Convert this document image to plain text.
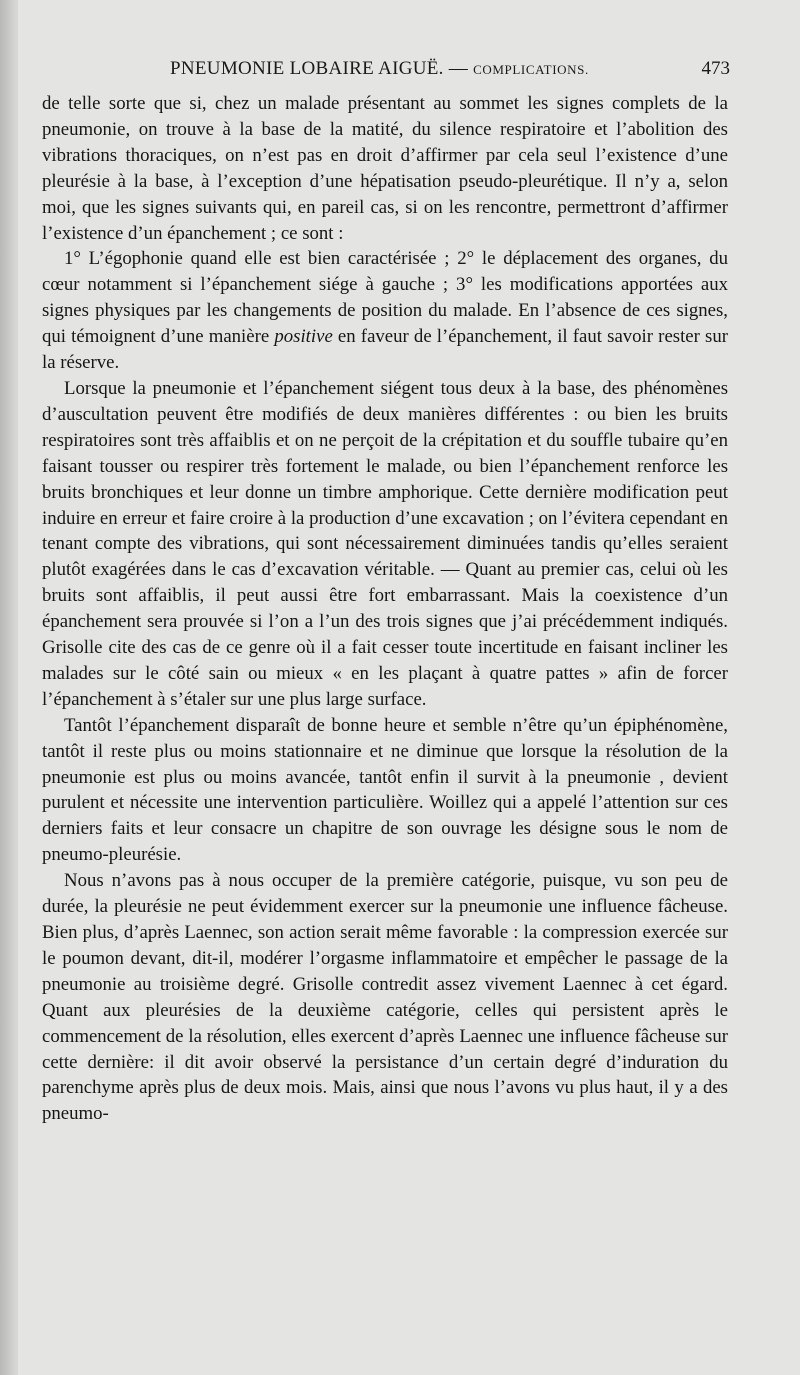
PNEUMONIE LOBAIRE AIGUË. — COMPLICATIONS.	473

de telle sorte que si, chez un malade présentant au sommet les signes complets de la pneumonie, on trouve à la base de la matité, du silence respiratoire et l’abolition des vibrations thoraciques, on n’est pas en droit d’affirmer par cela seul l’existence d’une pleurésie à la base, à l’exception d’une hépatisation pseudo-pleurétique. Il n’y a, selon moi, que les signes suivants qui, en pareil cas, si on les rencontre, permettront d’affirmer l’existence d’un épanchement ; ce sont :

1° L’égophonie quand elle est bien caractérisée ; 2° le déplacement des organes, du cœur notamment si l’épanchement siége à gauche ; 3° les modifications apportées aux signes physiques par les changements de position du malade. En l’absence de ces signes, qui témoignent d’une manière positive en faveur de l’épanchement, il faut savoir rester sur la réserve.

Lorsque la pneumonie et l’épanchement siégent tous deux à la base, des phénomènes d’auscultation peuvent être modifiés de deux manières différentes : ou bien les bruits respiratoires sont très affaiblis et on ne perçoit de la crépitation et du souffle tubaire qu’en faisant tousser ou respirer très fortement le malade, ou bien l’épanchement renforce les bruits bronchiques et leur donne un timbre amphorique. Cette dernière modification peut induire en erreur et faire croire à la production d’une excavation ; on l’évitera cependant en tenant compte des vibrations, qui sont nécessairement diminuées tandis qu’elles seraient plutôt exagérées dans le cas d’excavation véritable. — Quant au premier cas, celui où les bruits sont affaiblis, il peut aussi être fort embarrassant. Mais la coexistence d’un épanchement sera prouvée si l’on a l’un des trois signes que j’ai précédemment indiqués. Grisolle cite des cas de ce genre où il a fait cesser toute incertitude en faisant incliner les malades sur le côté sain ou mieux « en les plaçant à quatre pattes » afin de forcer l’épanchement à s’étaler sur une plus large surface.

Tantôt l’épanchement disparaît de bonne heure et semble n’être qu’un épiphénomène, tantôt il reste plus ou moins stationnaire et ne diminue que lorsque la résolution de la pneumonie est plus ou moins avancée, tantôt enfin il survit à la pneumonie , devient purulent et nécessite une intervention particulière. Woillez qui a appelé l’attention sur ces derniers faits et leur consacre un chapitre de son ouvrage les désigne sous le nom de pneumo-pleurésie.

Nous n’avons pas à nous occuper de la première catégorie, puisque, vu son peu de durée, la pleurésie ne peut évidemment exercer sur la pneumonie une influence fâcheuse. Bien plus, d’après Laennec, son action serait même favorable : la compression exercée sur le poumon devant, dit-il, modérer l’orgasme inflammatoire et empêcher le passage de la pneumonie au troisième degré. Grisolle contredit assez vivement Laennec à cet égard. Quant aux pleurésies de la deuxième catégorie, celles qui persistent après le commencement de la résolution, elles exercent d’après Laennec une influence fâcheuse sur cette dernière: il dit avoir observé la persistance d’un certain degré d’induration du parenchyme après plus de deux mois. Mais, ainsi que nous l’avons vu plus haut, il y a des pneumo-
